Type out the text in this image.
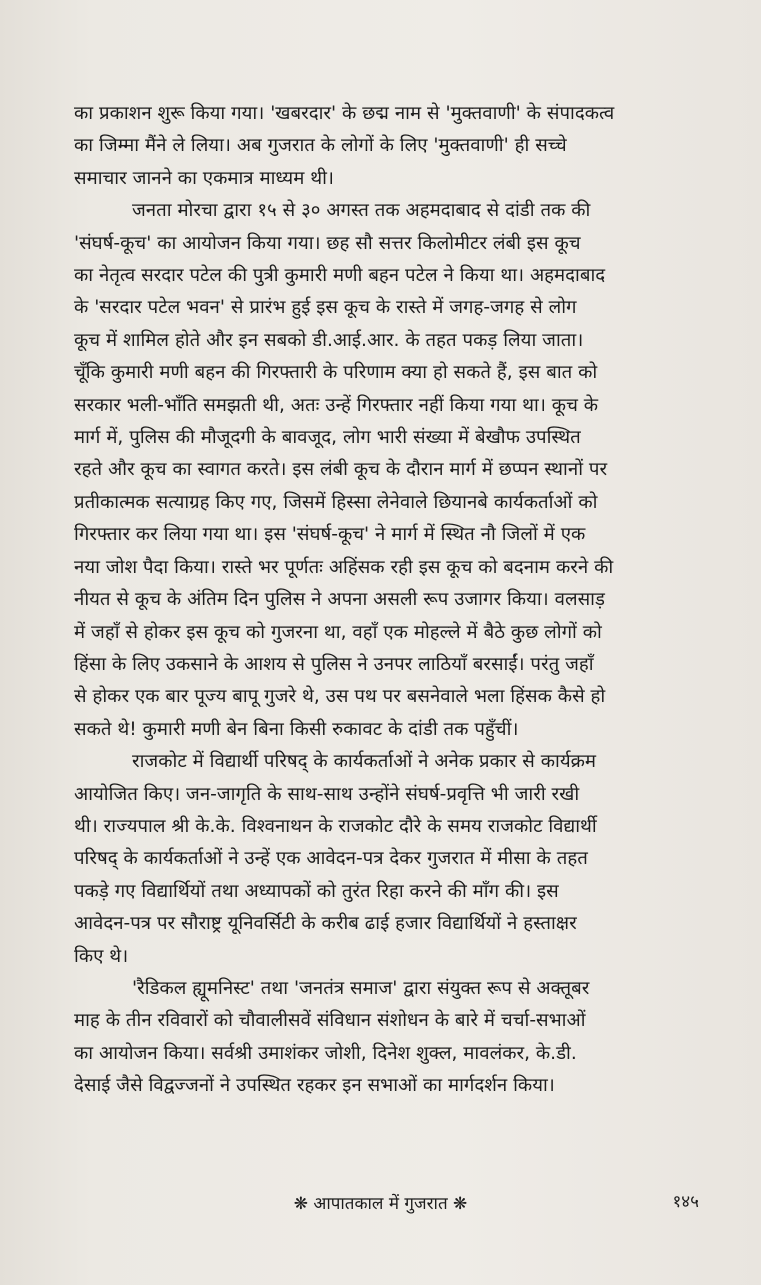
का प्रकाशन शुरू किया गया। 'खबरदार' के छद्म नाम से 'मुक्तवाणी' के संपादकत्व
का जिम्मा मैंने ले लिया। अब गुजरात के लोगों के लिए 'मुक्तवाणी' ही सच्चे
समाचार जानने का एकमात्र माध्यम थी।
जनता मोरचा द्वारा १५ से ३० अगस्त तक अहमदाबाद से दांडी तक की
'संघर्ष-कूच' का आयोजन किया गया। छह सौ सत्तर किलोमीटर लंबी इस कूच
का नेतृत्व सरदार पटेल की पुत्री कुमारी मणी बहन पटेल ने किया था। अहमदाबाद
के 'सरदार पटेल भवन' से प्रारंभ हुई इस कूच के रास्ते में जगह-जगह से लोग
कूच में शामिल होते और इन सबको डी.आई.आर. के तहत पकड़ लिया जाता।
चूँकि कुमारी मणी बहन की गिरफ्तारी के परिणाम क्या हो सकते हैं, इस बात को
सरकार भली-भाँति समझती थी, अतः उन्हें गिरफ्तार नहीं किया गया था। कूच के
मार्ग में, पुलिस की मौजूदगी के बावजूद, लोग भारी संख्या में बेखौफ उपस्थित
रहते और कूच का स्वागत करते। इस लंबी कूच के दौरान मार्ग में छप्पन स्थानों पर
प्रतीकात्मक सत्याग्रह किए गए, जिसमें हिस्सा लेनेवाले छियानबे कार्यकर्ताओं को
गिरफ्तार कर लिया गया था। इस 'संघर्ष-कूच' ने मार्ग में स्थित नौ जिलों में एक
नया जोश पैदा किया। रास्ते भर पूर्णतः अहिंसक रही इस कूच को बदनाम करने की
नीयत से कूच के अंतिम दिन पुलिस ने अपना असली रूप उजागर किया। वलसाड़
में जहाँ से होकर इस कूच को गुजरना था, वहाँ एक मोहल्ले में बैठे कुछ लोगों को
हिंसा के लिए उकसाने के आशय से पुलिस ने उनपर लाठियाँ बरसाईं। परंतु जहाँ
से होकर एक बार पूज्य बापू गुजरे थे, उस पथ पर बसनेवाले भला हिंसक कैसे हो
सकते थे! कुमारी मणी बेन बिना किसी रुकावट के दांडी तक पहुँचीं।
राजकोट में विद्यार्थी परिषद् के कार्यकर्ताओं ने अनेक प्रकार से कार्यक्रम
आयोजित किए। जन-जागृति के साथ-साथ उन्होंने संघर्ष-प्रवृत्ति भी जारी रखी
थी। राज्यपाल श्री के.के. विश्वनाथन के राजकोट दौरे के समय राजकोट विद्यार्थी
परिषद् के कार्यकर्ताओं ने उन्हें एक आवेदन-पत्र देकर गुजरात में मीसा के तहत
पकड़े गए विद्यार्थियों तथा अध्यापकों को तुरंत रिहा करने की माँग की। इस
आवेदन-पत्र पर सौराष्ट्र यूनिवर्सिटी के करीब ढाई हजार विद्यार्थियों ने हस्ताक्षर
किए थे।
'रैडिकल ह्यूमनिस्ट' तथा 'जनतंत्र समाज' द्वारा संयुक्त रूप से अक्तूबर
माह के तीन रविवारों को चौवालीसवें संविधान संशोधन के बारे में चर्चा-सभाओं
का आयोजन किया। सर्वश्री उमाशंकर जोशी, दिनेश शुक्ल, मावलंकर, के.डी.
देसाई जैसे विद्वज्जनों ने उपस्थित रहकर इन सभाओं का मार्गदर्शन किया।
❋ आपातकाल में गुजरात ❋	१४५
